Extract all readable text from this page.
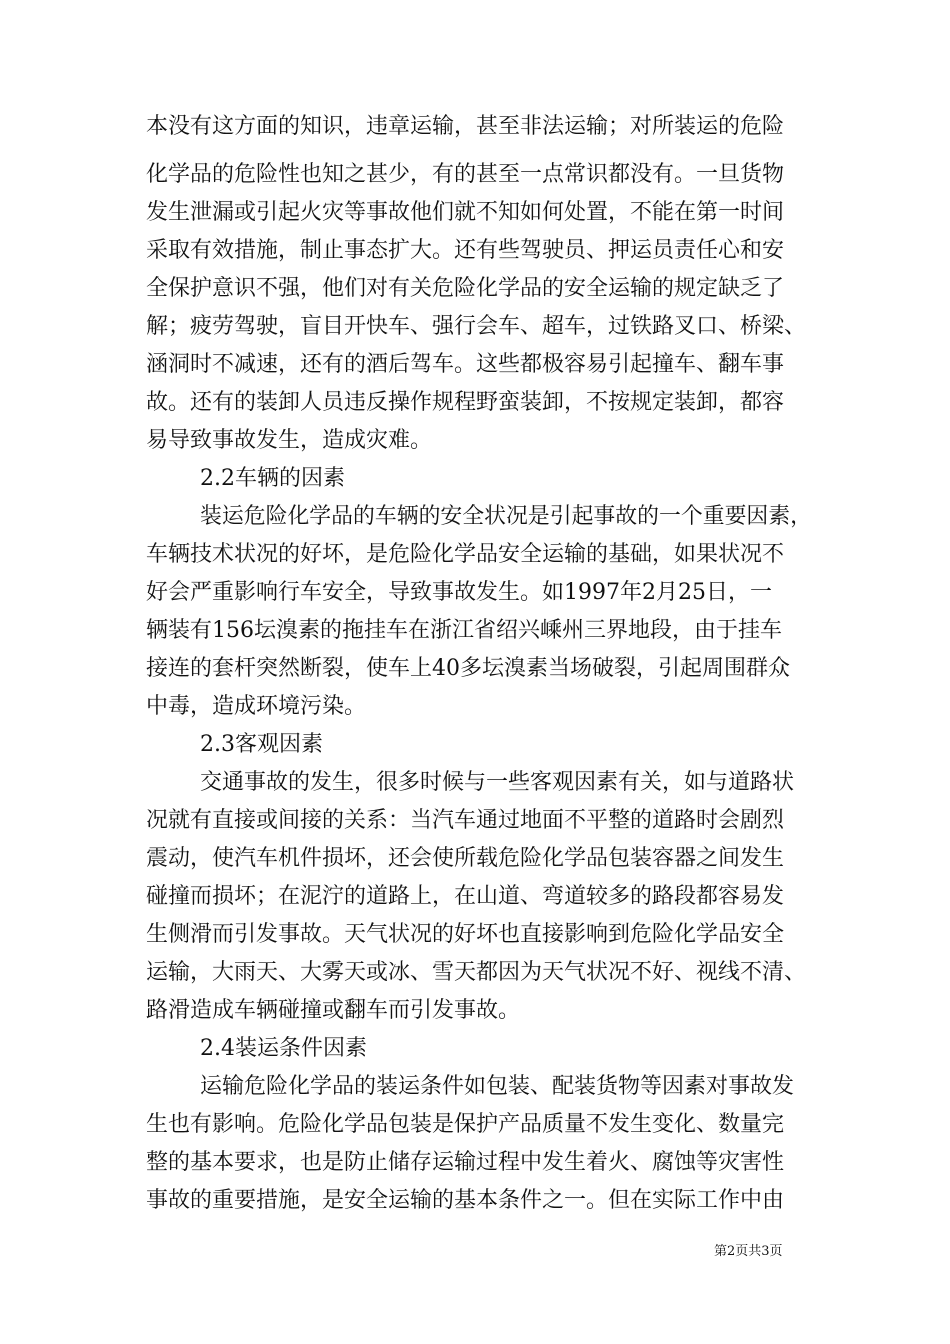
本没有这方面的知识，违章运输，甚至非法运输；对所装运的危险
化学品的危险性也知之甚少，有的甚至一点常识都没有。一旦货物
发生泄漏或引起火灾等事故他们就不知如何处置，不能在第一时间
采取有效措施，制止事态扩大。还有些驾驶员、押运员责任心和安
全保护意识不强，他们对有关危险化学品的安全运输的规定缺乏了
解；疲劳驾驶，盲目开快车、强行会车、超车，过铁路叉口、桥梁、
涵洞时不减速，还有的酒后驾车。这些都极容易引起撞车、翻车事
故。还有的装卸人员违反操作规程野蛮装卸，不按规定装卸，都容
易导致事故发生，造成灾难。
2.2车辆的因素
装运危险化学品的车辆的安全状况是引起事故的一个重要因素，
车辆技术状况的好坏，是危险化学品安全运输的基础，如果状况不
好会严重影响行车安全，导致事故发生。如1997年2月25日，一
辆装有156坛溴素的拖挂车在浙江省绍兴嵊州三界地段，由于挂车
接连的套杆突然断裂，使车上40多坛溴素当场破裂，引起周围群众
中毒，造成环境污染。
2.3客观因素
交通事故的发生，很多时候与一些客观因素有关，如与道路状
况就有直接或间接的关系：当汽车通过地面不平整的道路时会剧烈
震动，使汽车机件损坏，还会使所载危险化学品包装容器之间发生
碰撞而损坏；在泥泞的道路上，在山道、弯道较多的路段都容易发
生侧滑而引发事故。天气状况的好坏也直接影响到危险化学品安全
运输，大雨天、大雾天或冰、雪天都因为天气状况不好、视线不清、
路滑造成车辆碰撞或翻车而引发事故。
2.4装运条件因素
运输危险化学品的装运条件如包装、配装货物等因素对事故发
生也有影响。危险化学品包装是保护产品质量不发生变化、数量完
整的基本要求，也是防止储存运输过程中发生着火、腐蚀等灾害性
事故的重要措施，是安全运输的基本条件之一。但在实际工作中由
第2页共3页
